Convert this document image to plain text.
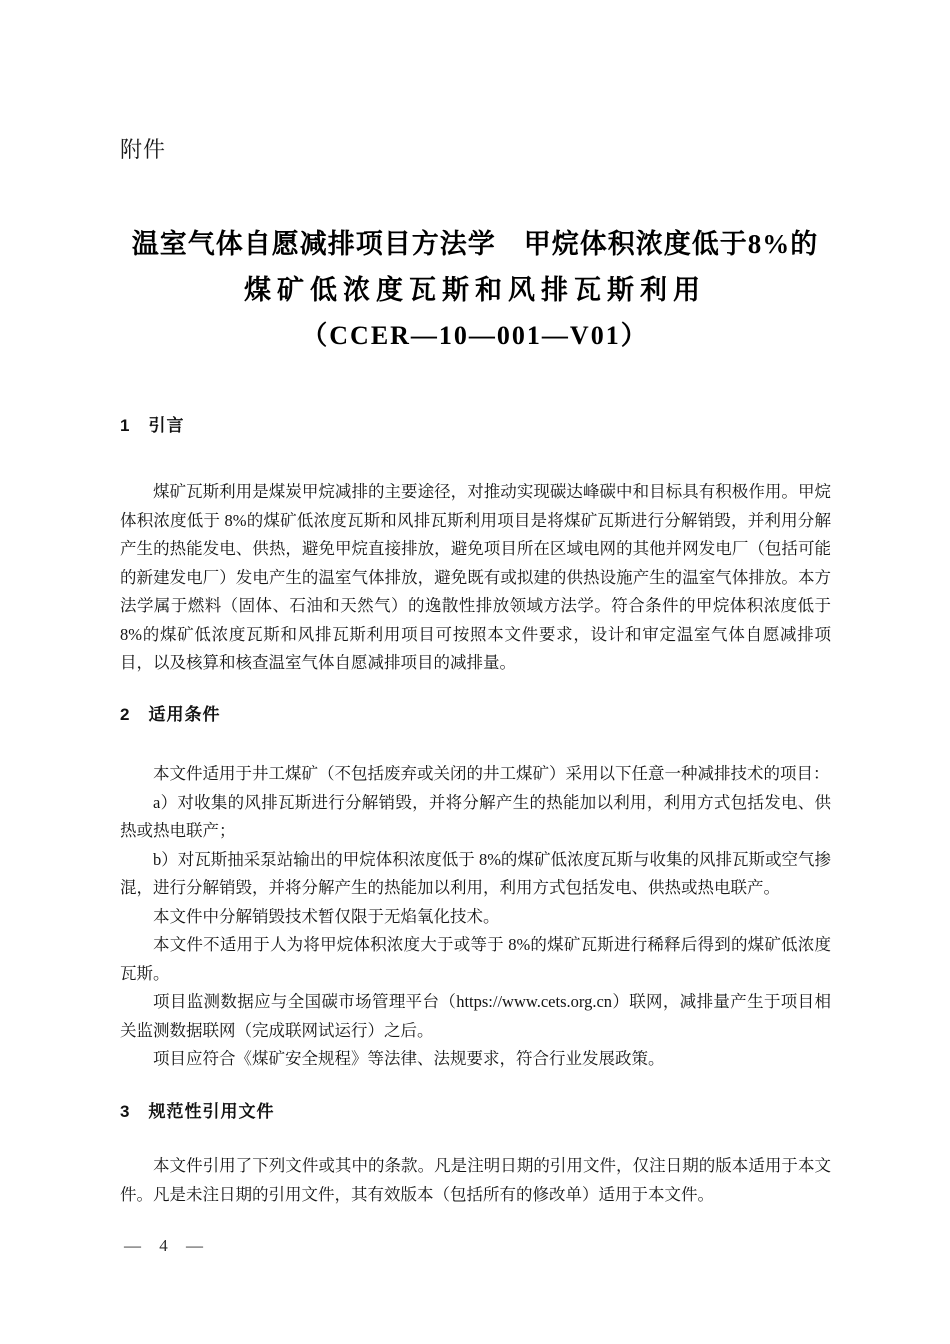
附件
温室气体自愿减排项目方法学　甲烷体积浓度低于8%的
煤矿低浓度瓦斯和风排瓦斯利用
（CCER—10—001—V01）
1 引言

煤矿瓦斯利用是煤炭甲烷减排的主要途径，对推动实现碳达峰碳中和目标具有积极作用。甲烷体积浓度低于 8%的煤矿低浓度瓦斯和风排瓦斯利用项目是将煤矿瓦斯进行分解销毁，并利用分解产生的热能发电、供热，避免甲烷直接排放，避免项目所在区域电网的其他并网发电厂（包括可能的新建发电厂）发电产生的温室气体排放，避免既有或拟建的供热设施产生的温室气体排放。本方法学属于燃料（固体、石油和天然气）的逸散性排放领域方法学。符合条件的甲烷体积浓度低于 8%的煤矿低浓度瓦斯和风排瓦斯利用项目可按照本文件要求，设计和审定温室气体自愿减排项目，以及核算和核查温室气体自愿减排项目的减排量。

2 适用条件

本文件适用于井工煤矿（不包括废弃或关闭的井工煤矿）采用以下任意一种减排技术的项目：

a）对收集的风排瓦斯进行分解销毁，并将分解产生的热能加以利用，利用方式包括发电、供热或热电联产；

b）对瓦斯抽采泵站输出的甲烷体积浓度低于 8%的煤矿低浓度瓦斯与收集的风排瓦斯或空气掺混，进行分解销毁，并将分解产生的热能加以利用，利用方式包括发电、供热或热电联产。

本文件中分解销毁技术暂仅限于无焰氧化技术。

本文件不适用于人为将甲烷体积浓度大于或等于 8%的煤矿瓦斯进行稀释后得到的煤矿低浓度瓦斯。

项目监测数据应与全国碳市场管理平台（https://www.cets.org.cn）联网，减排量产生于项目相关监测数据联网（完成联网试运行）之后。

项目应符合《煤矿安全规程》等法律、法规要求，符合行业发展政策。

3 规范性引用文件

本文件引用了下列文件或其中的条款。凡是注明日期的引用文件，仅注日期的版本适用于本文件。凡是未注日期的引用文件，其有效版本（包括所有的修改单）适用于本文件。

— 4 —
